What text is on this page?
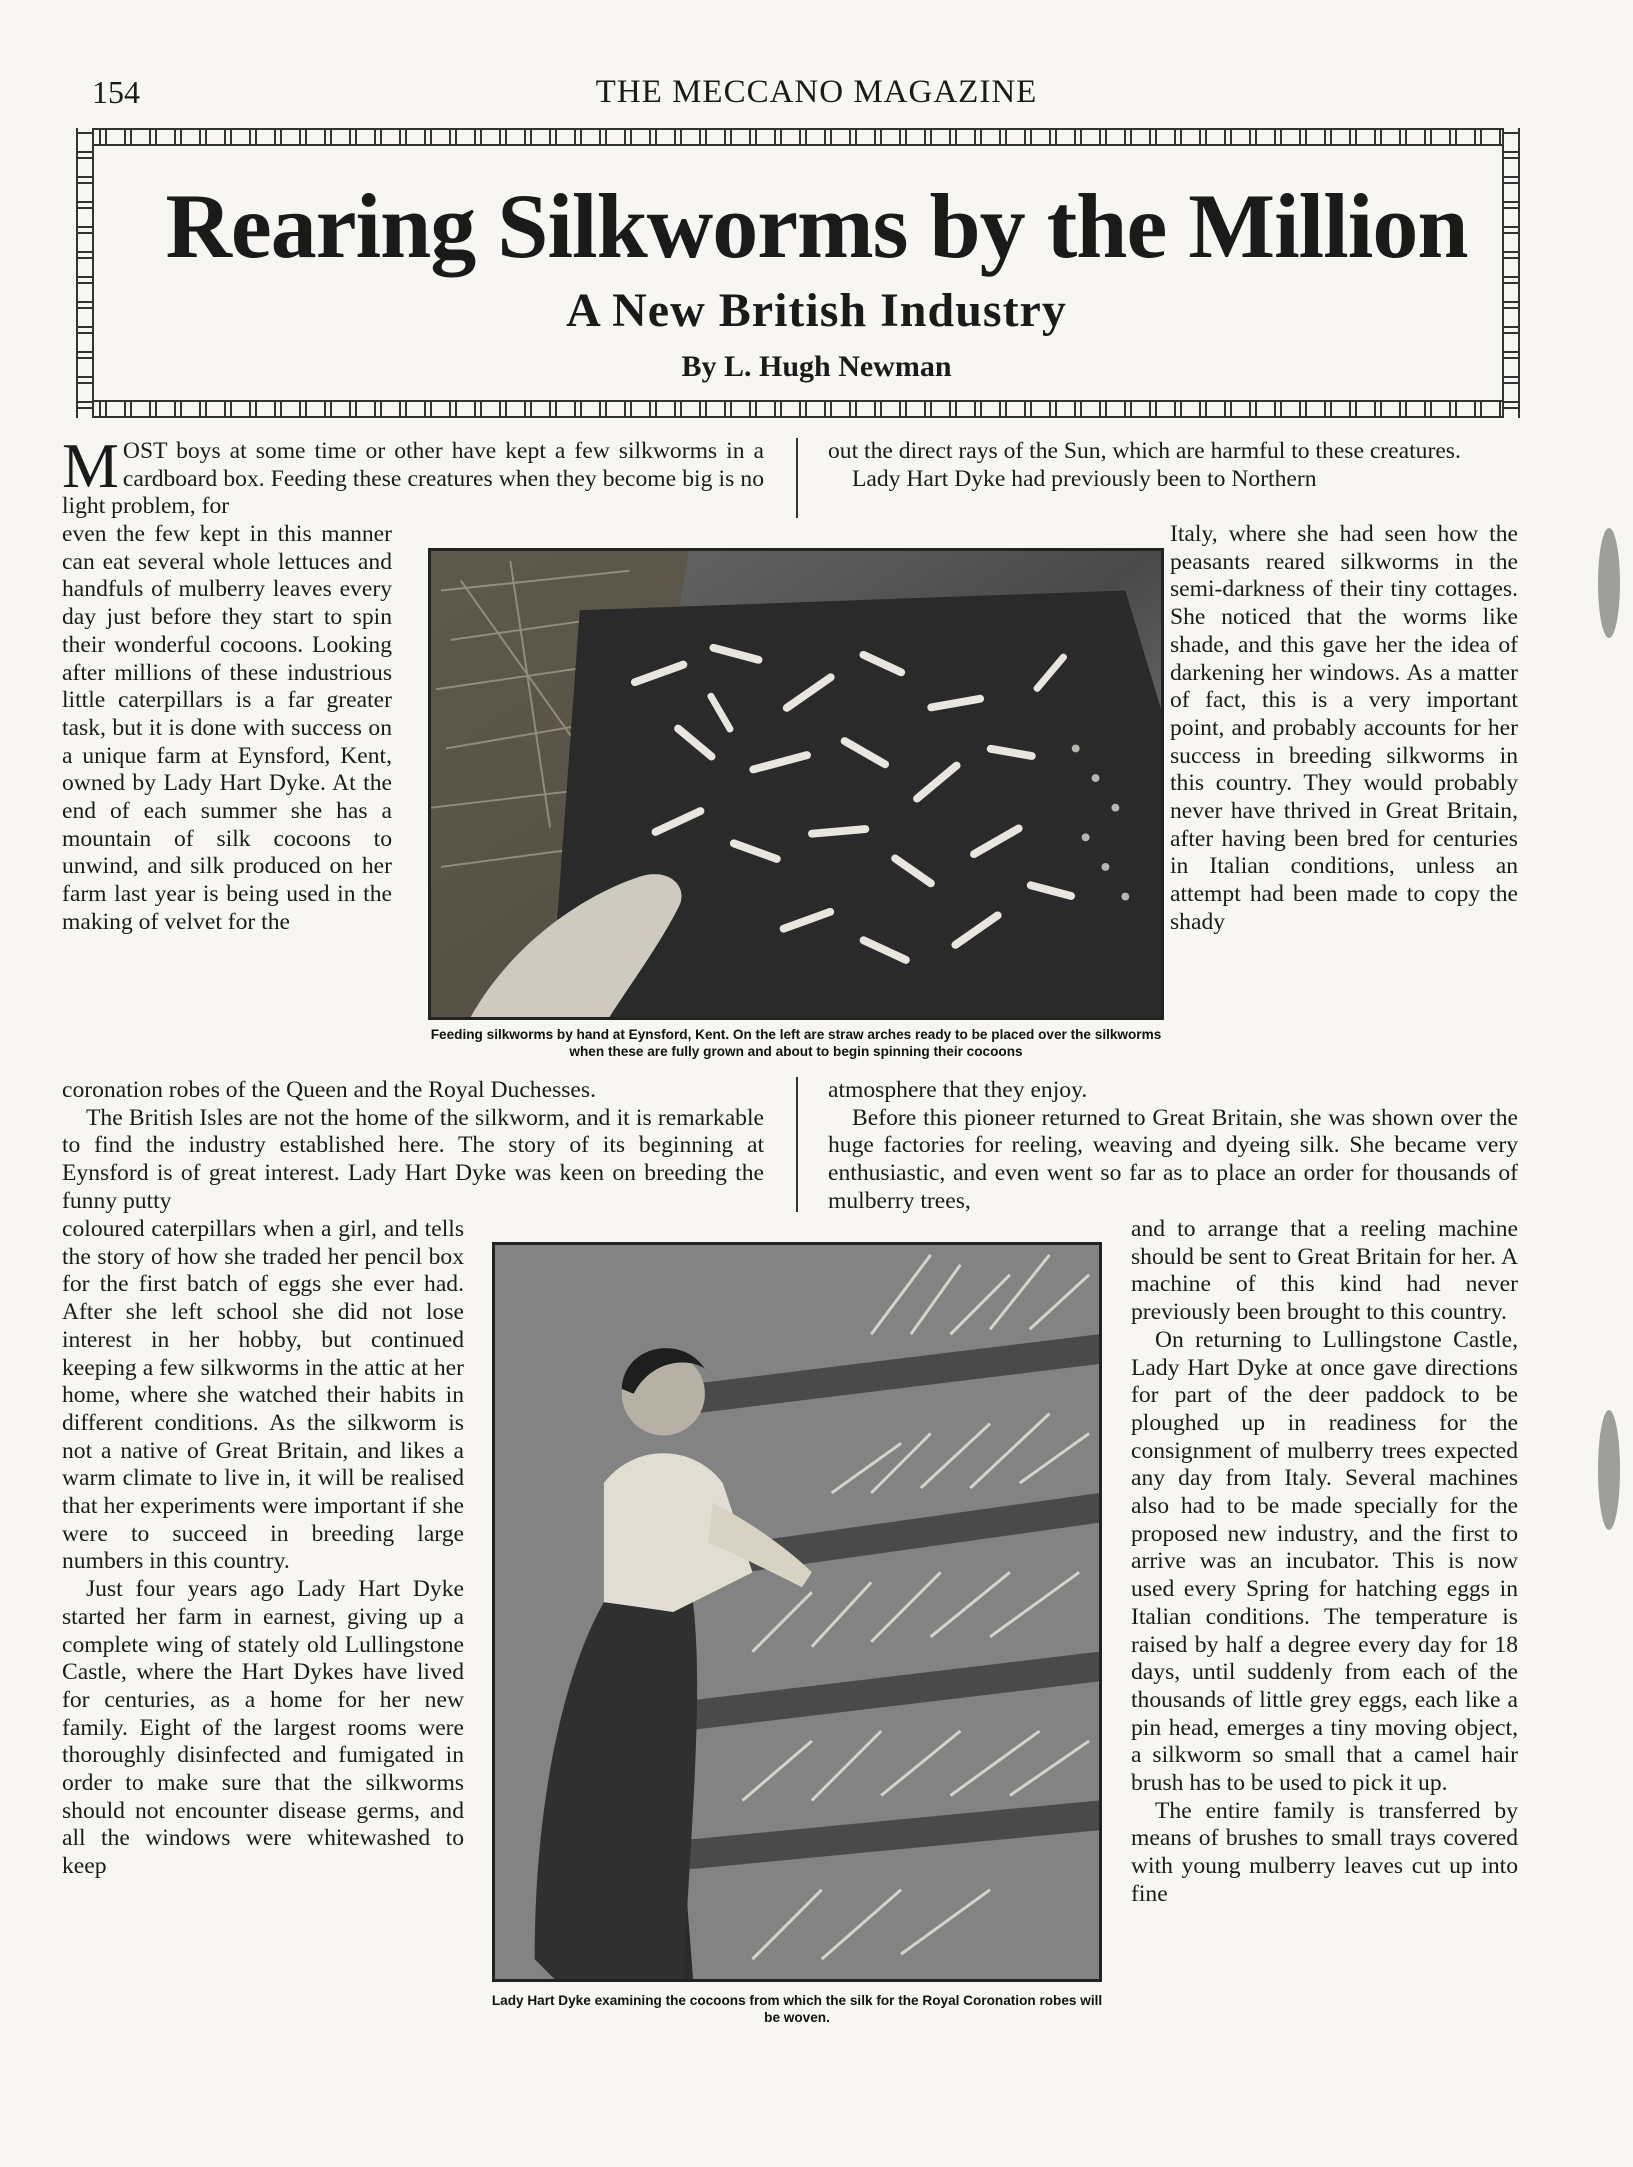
154	THE MECCANO MAGAZINE
Rearing Silkworms by the Million
A New British Industry
By L. Hugh Newman

MOST boys at some time or other have kept a few silkworms in a cardboard box. Feeding these creatures when they become big is no light problem, for

even the few kept in this manner can eat several whole lettuces and handfuls of mulberry leaves every day just before they start to spin their wonderful cocoons. Looking after millions of these industrious little caterpillars is a far greater task, but it is done with success on a unique farm at Eynsford, Kent, owned by Lady Hart Dyke. At the end of each summer she has a mountain of silk cocoons to unwind, and silk produced on her farm last year is being used in the making of velvet for the

out the direct rays of the Sun, which are harmful to these creatures.

Lady Hart Dyke had previously been to Northern

Italy, where she had seen how the peasants reared silkworms in the semi-darkness of their tiny cottages. She noticed that the worms like shade, and this gave her the idea of darkening her windows. As a matter of fact, this is a very important point, and probably accounts for her success in breeding silkworms in this country. They would probably never have thrived in Great Britain, after having been bred for centuries in Italian conditions, unless an attempt had been made to copy the shady

Feeding silkworms by hand at Eynsford, Kent. On the left are straw arches ready to be placed over the silkworms when these are fully grown and about to begin spinning their cocoons

coronation robes of the Queen and the Royal Duchesses.

The British Isles are not the home of the silkworm, and it is remarkable to find the industry established here. The story of its beginning at Eynsford is of great interest. Lady Hart Dyke was keen on breeding the funny putty

atmosphere that they enjoy.

Before this pioneer returned to Great Britain, she was shown over the huge factories for reeling, weaving and dyeing silk. She became very enthusiastic, and even went so far as to place an order for thousands of mulberry trees,

coloured caterpillars when a girl, and tells the story of how she traded her pencil box for the first batch of eggs she ever had. After she left school she did not lose interest in her hobby, but continued keeping a few silkworms in the attic at her home, where she watched their habits in different conditions. As the silkworm is not a native of Great Britain, and likes a warm climate to live in, it will be realised that her experiments were important if she were to succeed in breeding large numbers in this country.

Just four years ago Lady Hart Dyke started her farm in earnest, giving up a complete wing of stately old Lullingstone Castle, where the Hart Dykes have lived for centuries, as a home for her new family. Eight of the largest rooms were thoroughly disinfected and fumigated in order to make sure that the silkworms should not encounter disease germs, and all the windows were whitewashed to keep

Lady Hart Dyke examining the cocoons from which the silk for the Royal Coronation robes will be woven.

and to arrange that a reeling machine should be sent to Great Britain for her. A machine of this kind had never previously been brought to this country.

On returning to Lullingstone Castle, Lady Hart Dyke at once gave directions for part of the deer paddock to be ploughed up in readiness for the consignment of mulberry trees expected any day from Italy. Several machines also had to be made specially for the proposed new industry, and the first to arrive was an incubator. This is now used every Spring for hatching eggs in Italian conditions. The temperature is raised by half a degree every day for 18 days, until suddenly from each of the thousands of little grey eggs, each like a pin head, emerges a tiny moving object, a silkworm so small that a camel hair brush has to be used to pick it up.

The entire family is transferred by means of brushes to small trays covered with young mulberry leaves cut up into fine
